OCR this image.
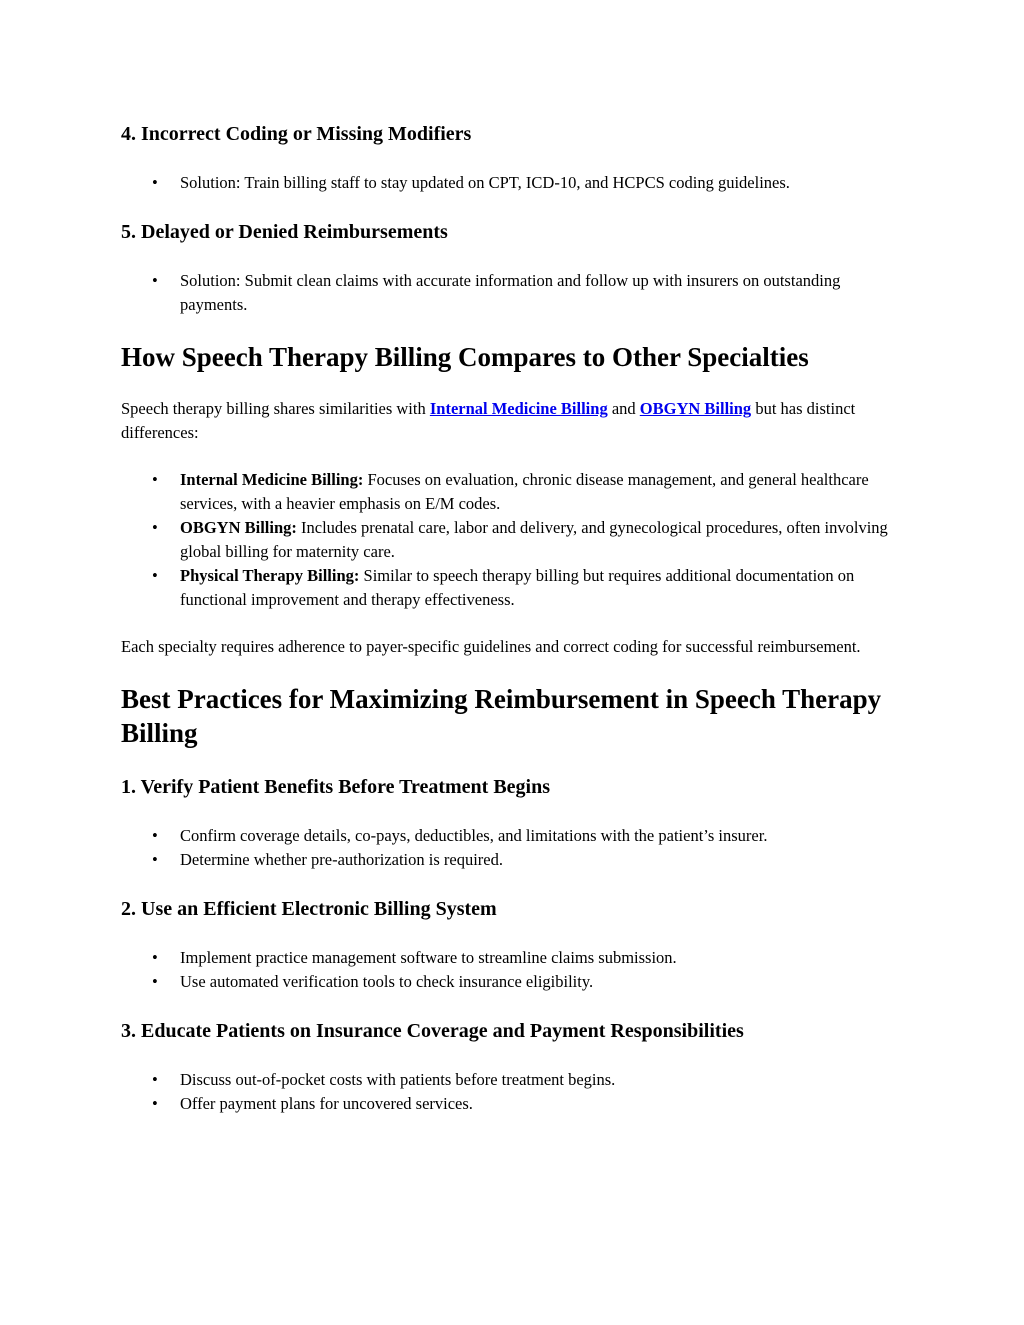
4. Incorrect Coding or Missing Modifiers
• Solution: Train billing staff to stay updated on CPT, ICD-10, and HCPCS coding guidelines.
5. Delayed or Denied Reimbursements
• Solution: Submit clean claims with accurate information and follow up with insurers on outstanding payments.
How Speech Therapy Billing Compares to Other Specialties

Speech therapy billing shares similarities with Internal Medicine Billing and OBGYN Billing but has distinct differences:

• Internal Medicine Billing: Focuses on evaluation, chronic disease management, and general healthcare services, with a heavier emphasis on E/M codes.
• OBGYN Billing: Includes prenatal care, labor and delivery, and gynecological procedures, often involving global billing for maternity care.
• Physical Therapy Billing: Similar to speech therapy billing but requires additional documentation on functional improvement and therapy effectiveness.

Each specialty requires adherence to payer-specific guidelines and correct coding for successful reimbursement.

Best Practices for Maximizing Reimbursement in Speech Therapy Billing
1. Verify Patient Benefits Before Treatment Begins
• Confirm coverage details, co-pays, deductibles, and limitations with the patient’s insurer.
• Determine whether pre-authorization is required.
2. Use an Efficient Electronic Billing System
• Implement practice management software to streamline claims submission.
• Use automated verification tools to check insurance eligibility.
3. Educate Patients on Insurance Coverage and Payment Responsibilities
• Discuss out-of-pocket costs with patients before treatment begins.
• Offer payment plans for uncovered services.
